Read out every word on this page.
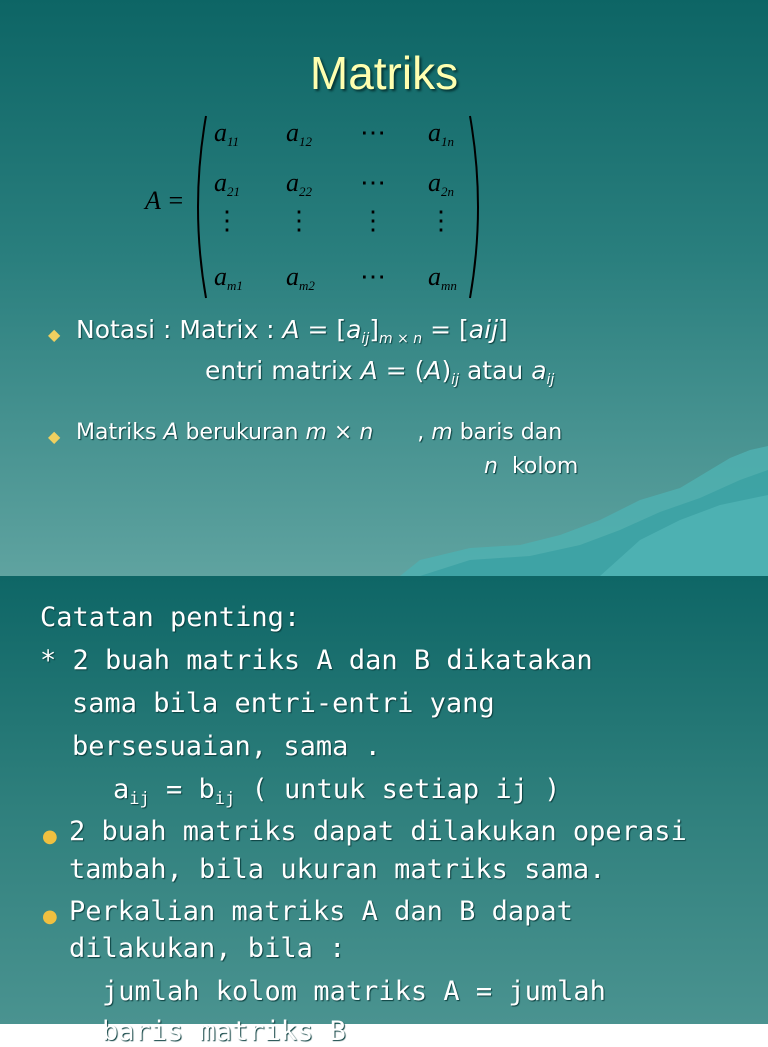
Matriks
A =
$a_{11}$ $a_{12}$ ⋯ $a_{1n}$
$a_{21}$ $a_{22}$ ⋯ $a_{2n}$
⋮ ⋮ ⋮ ⋮
$a_{m1}$ $a_{m2}$ ⋯ $a_{mn}$
◆ Notasi : Matrix : $A = [a_{ij}]_{m \times n} = [aij]$
entri matrix $A = (A)_{ij}$ atau $a_{ij}$
◆ Matriks A berukuran m × n , m baris dan
n  kolom
Catatan penting:
* 2 buah matriks A dan B dikatakan
sama bila entri-entri yang
bersesuaian, sama .
$a_{ij} = b_{ij}$ ( untuk setiap ij )
● 2 buah matriks dapat dilakukan operasi
tambah, bila ukuran matriks sama.
● Perkalian matriks A dan B dapat
dilakukan, bila :
jumlah kolom matriks A = jumlah
baris matriks B
